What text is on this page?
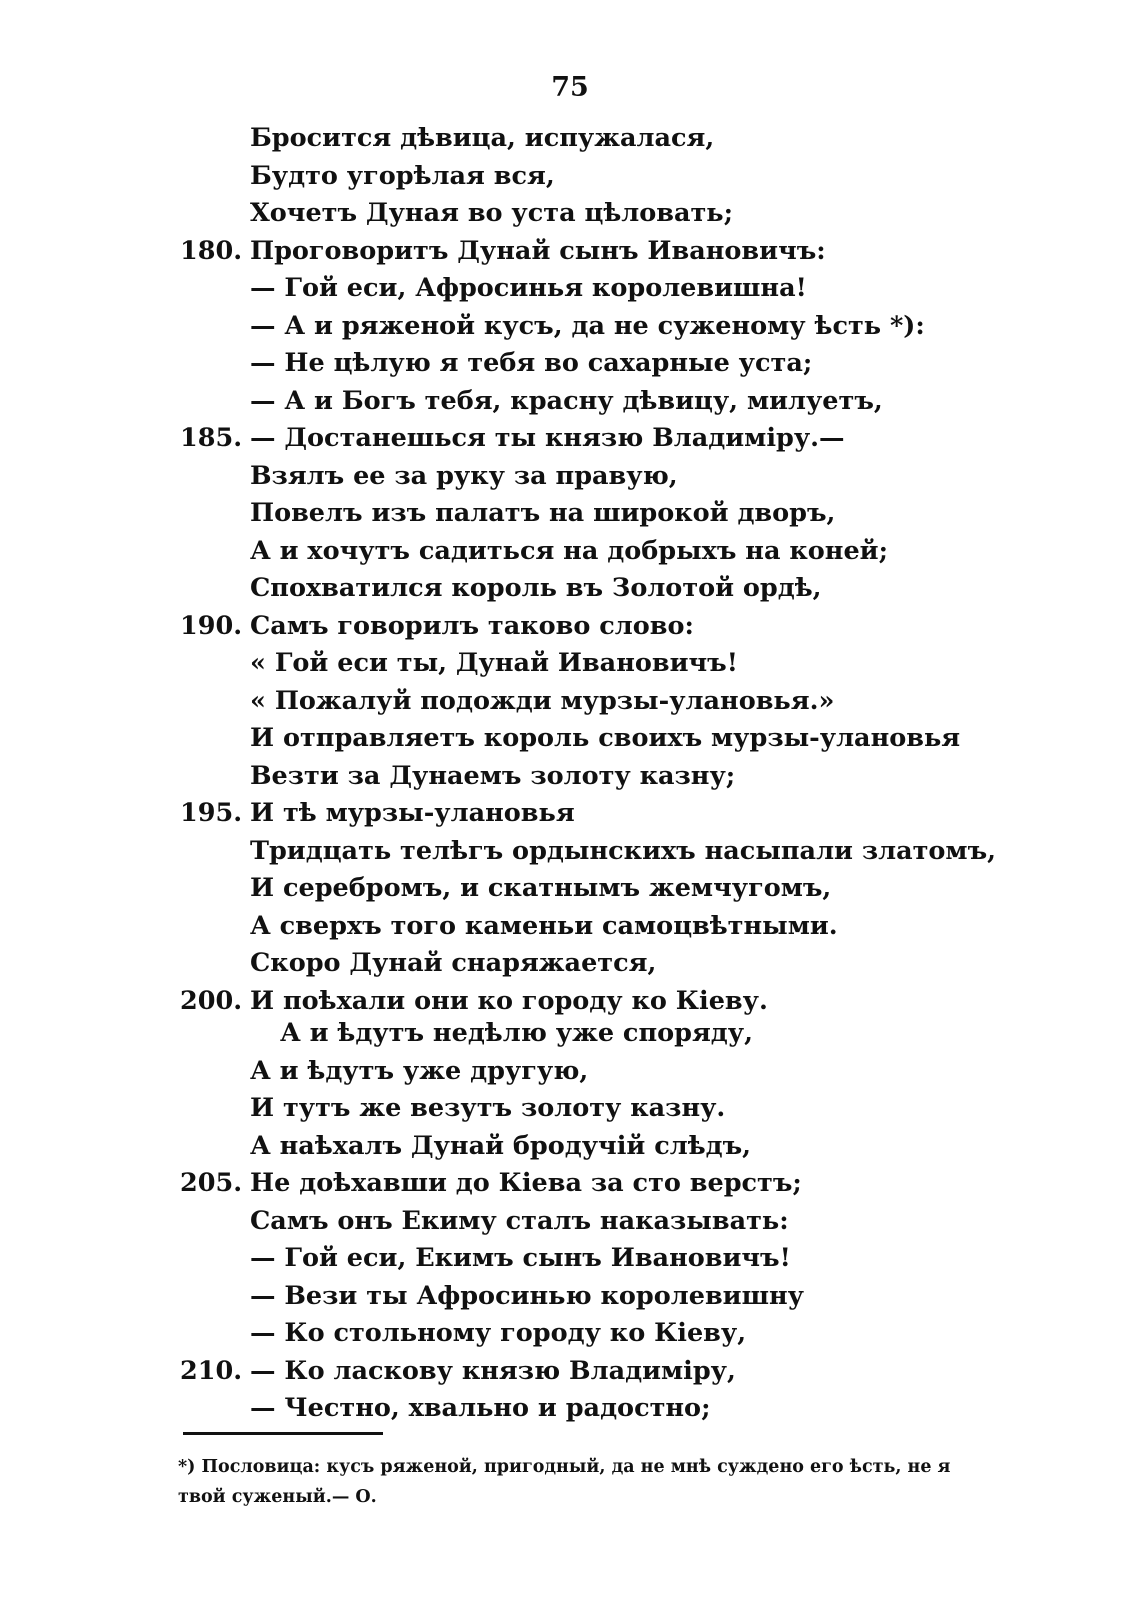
75
Бросится дѣвица, испужалася,
Будто угорѣлая вся,
Хочетъ Дуная во уста цѣловать;
180. Проговоритъ Дунай сынъ Ивановичъ:
— Гой еси, Афросинья королевишна!
— А и ряженой кусъ, да не суженому ѣсть *):
— Не цѣлую я тебя во сахарные уста;
— А и Богъ тебя, красну дѣвицу, милуетъ,
185. — Достанешься ты князю Владиміру.—
Взялъ ее за руку за правую,
Повелъ изъ палатъ на широкой дворъ,
А и хочутъ садиться на добрыхъ на коней;
Спохватился король въ Золотой ордѣ,
190. Самъ говорилъ таково слово:
« Гой еси ты, Дунай Ивановичъ!
« Пожалуй подожди мурзы-улановья.»
И отправляетъ король своихъ мурзы-улановья
Везти за Дунаемъ золоту казну;
195. И тѣ мурзы-улановья
Тридцать телѣгъ ордынскихъ насыпали златомъ,
И серебромъ, и скатнымъ жемчугомъ,
А сверхъ того каменьи самоцвѣтными.
Скоро Дунай снаряжается,
200. И поѣхали они ко городу ко Кіеву.
А и ѣдутъ недѣлю уже споряду,
А и ѣдутъ уже другую,
И тутъ же везутъ золоту казну.
А наѣхалъ Дунай бродучій слѣдъ,
205. Не доѣхавши до Кіева за сто верстъ;
Самъ онъ Екиму сталъ наказывать:
— Гой еси, Екимъ сынъ Ивановичъ!
— Вези ты Афросинью королевишну
— Ко стольному городу ко Кіеву,
210. — Ко ласкову князю Владиміру,
— Честно, хвально и радостно;
*) Пословица: кусъ ряженой, пригодный, да не мнѣ суждено его ѣсть, не я
твой суженый.— О.
